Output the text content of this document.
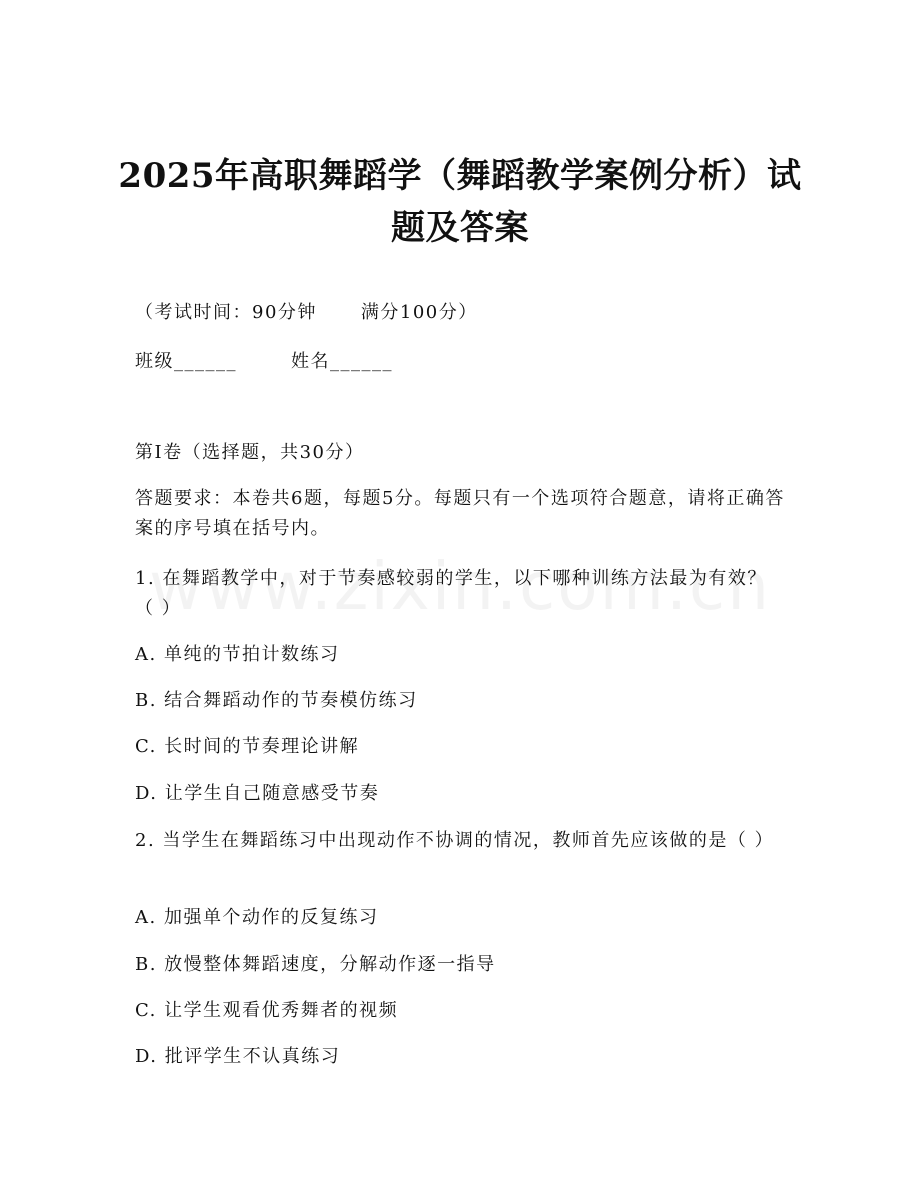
2025年高职舞蹈学（舞蹈教学案例分析）试题及答案

（考试时间：90分钟 满分100分）

班级______	姓名______

第I卷（选择题，共30分）

答题要求：本卷共6题，每题5分。每题只有一个选项符合题意，请将正确答案的序号填在括号内。

1. 在舞蹈教学中，对于节奏感较弱的学生，以下哪种训练方法最为有效？（ ）

A. 单纯的节拍计数练习

B. 结合舞蹈动作的节奏模仿练习

C. 长时间的节奏理论讲解

D. 让学生自己随意感受节奏

2. 当学生在舞蹈练习中出现动作不协调的情况，教师首先应该做的是（ ）

A. 加强单个动作的反复练习

B. 放慢整体舞蹈速度，分解动作逐一指导

C. 让学生观看优秀舞者的视频

D. 批评学生不认真练习
